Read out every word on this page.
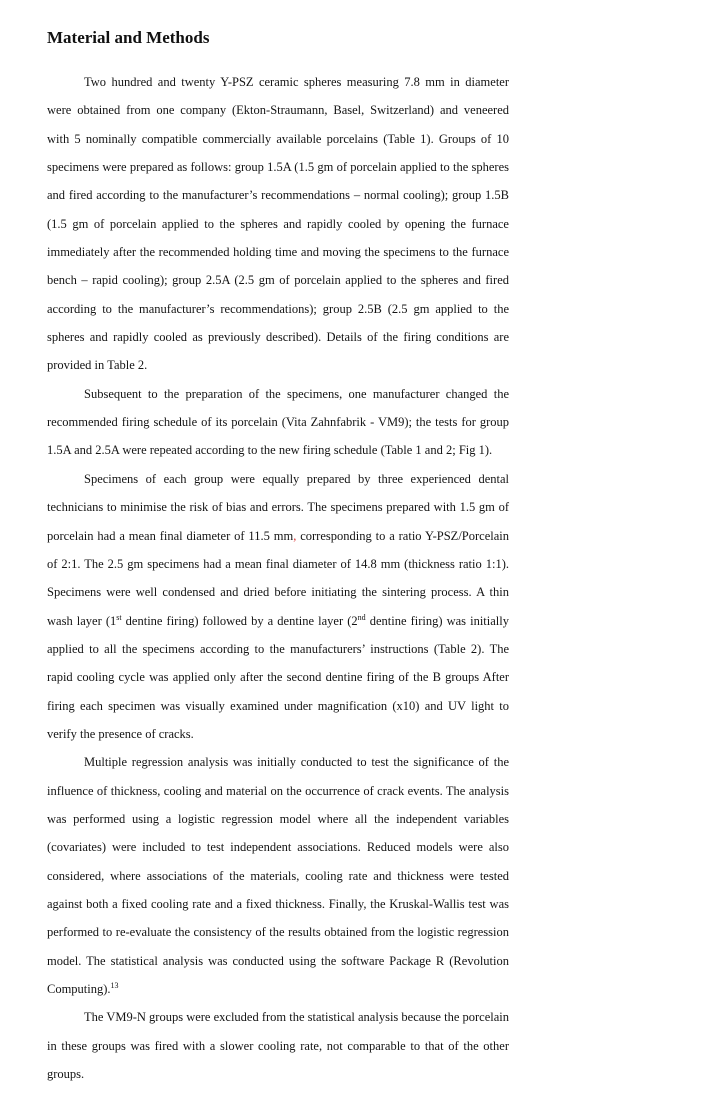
Material and Methods

Two hundred and twenty Y-PSZ ceramic spheres measuring 7.8 mm in diameter were obtained from one company (Ekton-Straumann, Basel, Switzerland) and veneered with 5 nominally compatible commercially available porcelains (Table 1). Groups of 10 specimens were prepared as follows: group 1.5A (1.5 gm of porcelain applied to the spheres and fired according to the manufacturer’s recommendations – normal cooling); group 1.5B (1.5 gm of porcelain applied to the spheres and rapidly cooled by opening the furnace immediately after the recommended holding time and moving the specimens to the furnace bench – rapid cooling); group 2.5A (2.5 gm of porcelain applied to the spheres and fired according to the manufacturer’s recommendations); group 2.5B (2.5 gm applied to the spheres and rapidly cooled as previously described). Details of the firing conditions are provided in Table 2.

Subsequent to the preparation of the specimens, one manufacturer changed the recommended firing schedule of its porcelain (Vita Zahnfabrik - VM9); the tests for group 1.5A and 2.5A were repeated according to the new firing schedule (Table 1 and 2; Fig 1).

Specimens of each group were equally prepared by three experienced dental technicians to minimise the risk of bias and errors. The specimens prepared with 1.5 gm of porcelain had a mean final diameter of 11.5 mm, corresponding to a ratio Y-PSZ/Porcelain of 2:1. The 2.5 gm specimens had a mean final diameter of 14.8 mm (thickness ratio 1:1). Specimens were well condensed and dried before initiating the sintering process. A thin wash layer (1st dentine firing) followed by a dentine layer (2nd dentine firing) was initially applied to all the specimens according to the manufacturers’ instructions (Table 2). The rapid cooling cycle was applied only after the second dentine firing of the B groups After firing each specimen was visually examined under magnification (x10) and UV light to verify the presence of cracks.

Multiple regression analysis was initially conducted to test the significance of the influence of thickness, cooling and material on the occurrence of crack events. The analysis was performed using a logistic regression model where all the independent variables (covariates) were included to test independent associations. Reduced models were also considered, where associations of the materials, cooling rate and thickness were tested against both a fixed cooling rate and a fixed thickness. Finally, the Kruskal-Wallis test was performed to re-evaluate the consistency of the results obtained from the logistic regression model. The statistical analysis was conducted using the software Package R (Revolution Computing).$^{13}$

The VM9-N groups were excluded from the statistical analysis because the porcelain in these groups was fired with a slower cooling rate, not comparable to that of the other groups.
